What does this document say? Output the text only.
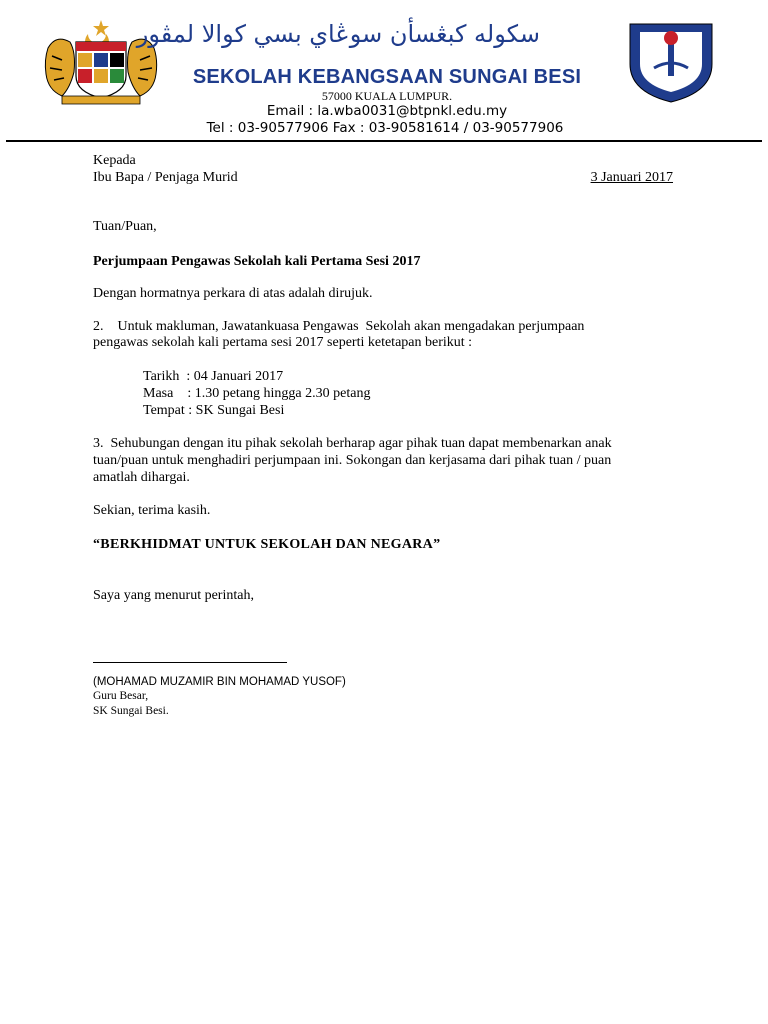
سکوله کبڠسأن سوڠاي بسي کوالا لمڤور
SEKOLAH KEBANGSAAN SUNGAI BESI
57000 KUALA LUMPUR.
Email : la.wba0031@btpnkl.edu.my
Tel : 03-90577906 Fax : 03-90581614 / 03-90577906
Kepada
Ibu Bapa / Penjaga Murid	3 Januari 2017
Tuan/Puan,
Perjumpaan Pengawas Sekolah kali Pertama Sesi 2017
Dengan hormatnya perkara di atas adalah dirujuk.
2.    Untuk makluman, Jawatankuasa Pengawas  Sekolah akan mengadakan perjumpaan
pengawas sekolah kali pertama sesi 2017 seperti ketetapan berikut :
Tarikh  : 04 Januari 2017
Masa    : 1.30 petang hingga 2.30 petang
Tempat : SK Sungai Besi
3.  Sehubungan dengan itu pihak sekolah berharap agar pihak tuan dapat membenarkan anak
tuan/puan untuk menghadiri perjumpaan ini. Sokongan dan kerjasama dari pihak tuan / puan
amatlah dihargai.
Sekian, terima kasih.
“BERKHIDMAT UNTUK SEKOLAH DAN NEGARA”
Saya yang menurut perintah,
(MOHAMAD MUZAMIR BIN MOHAMAD YUSOF)
Guru Besar,
SK Sungai Besi.
